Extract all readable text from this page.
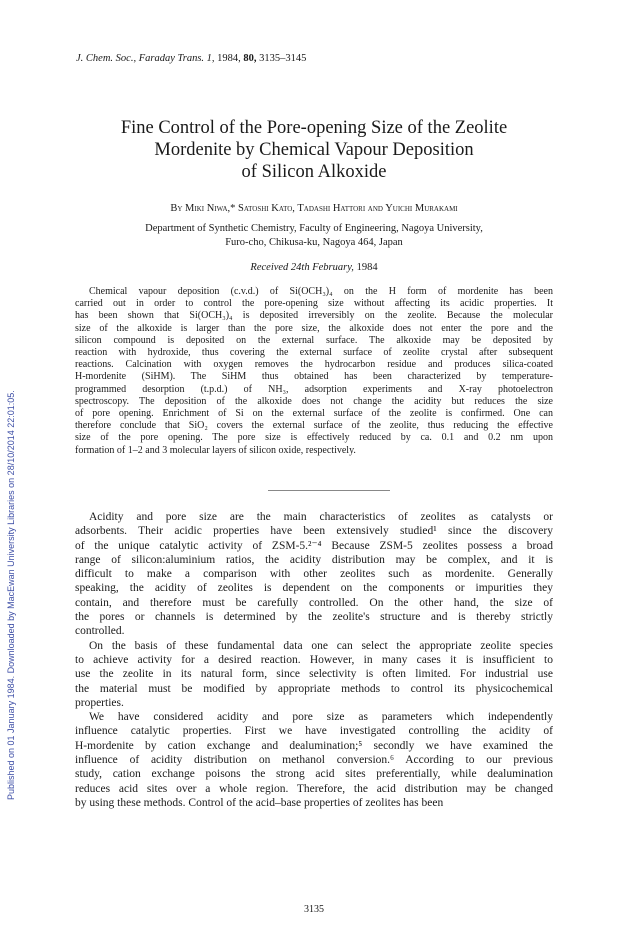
Published on 01 January 1984. Downloaded by MacEwan University Libraries on 28/10/2014 22:01:05.
J. Chem. Soc., Faraday Trans. 1, 1984, 80, 3135–3145
Fine Control of the Pore-opening Size of the Zeolite
Mordenite by Chemical Vapour Deposition
of Silicon Alkoxide
By Miki Niwa,* Satoshi Kato, Tadashi Hattori and Yuichi Murakami
Department of Synthetic Chemistry, Faculty of Engineering, Nagoya University,
Furo-cho, Chikusa-ku, Nagoya 464, Japan
Received 24th February, 1984
Chemical vapour deposition (c.v.d.) of Si(OCH₃)₄ on the H form of mordenite has been
carried out in order to control the pore-opening size without affecting its acidic properties. It
has been shown that Si(OCH₃)₄ is deposited irreversibly on the zeolite. Because the molecular
size of the alkoxide is larger than the pore size, the alkoxide does not enter the pore and the
silicon compound is deposited on the external surface. The alkoxide may be deposited by
reaction with hydroxide, thus covering the external surface of zeolite crystal after subsequent
reactions. Calcination with oxygen removes the hydrocarbon residue and produces silica-coated
H-mordenite (SiHM). The SiHM thus obtained has been characterized by temperature-
programmed desorption (t.p.d.) of NH₃, adsorption experiments and X-ray photoelectron
spectroscopy. The deposition of the alkoxide does not change the acidity but reduces the size
of pore opening. Enrichment of Si on the external surface of the zeolite is confirmed. One can
therefore conclude that SiO₂ covers the external surface of the zeolite, thus reducing the effective
size of the pore opening. The pore size is effectively reduced by ca. 0.1 and 0.2 nm upon
formation of 1–2 and 3 molecular layers of silicon oxide, respectively.
Acidity and pore size are the main characteristics of zeolites as catalysts or
adsorbents. Their acidic properties have been extensively studied¹ since the discovery
of the unique catalytic activity of ZSM-5.²⁻⁴ Because ZSM-5 zeolites possess a broad
range of silicon:aluminium ratios, the acidity distribution may be complex, and it is
difficult to make a comparison with other zeolites such as mordenite. Generally
speaking, the acidity of zeolites is dependent on the components or impurities they
contain, and therefore must be carefully controlled. On the other hand, the size of
the pores or channels is determined by the zeolite's structure and is thereby strictly
controlled.
On the basis of these fundamental data one can select the appropriate zeolite species
to achieve activity for a desired reaction. However, in many cases it is insufficient to
use the zeolite in its natural form, since selectivity is often limited. For industrial use
the material must be modified by appropriate methods to control its physicochemical
properties.
We have considered acidity and pore size as parameters which independently
influence catalytic properties. First we have investigated controlling the acidity of
H-mordenite by cation exchange and dealumination;⁵ secondly we have examined the
influence of acidity distribution on methanol conversion.⁶ According to our previous
study, cation exchange poisons the strong acid sites preferentially, while dealumination
reduces acid sites over a whole region. Therefore, the acid distribution may be changed
by using these methods. Control of the acid–base properties of zeolites has been
3135
